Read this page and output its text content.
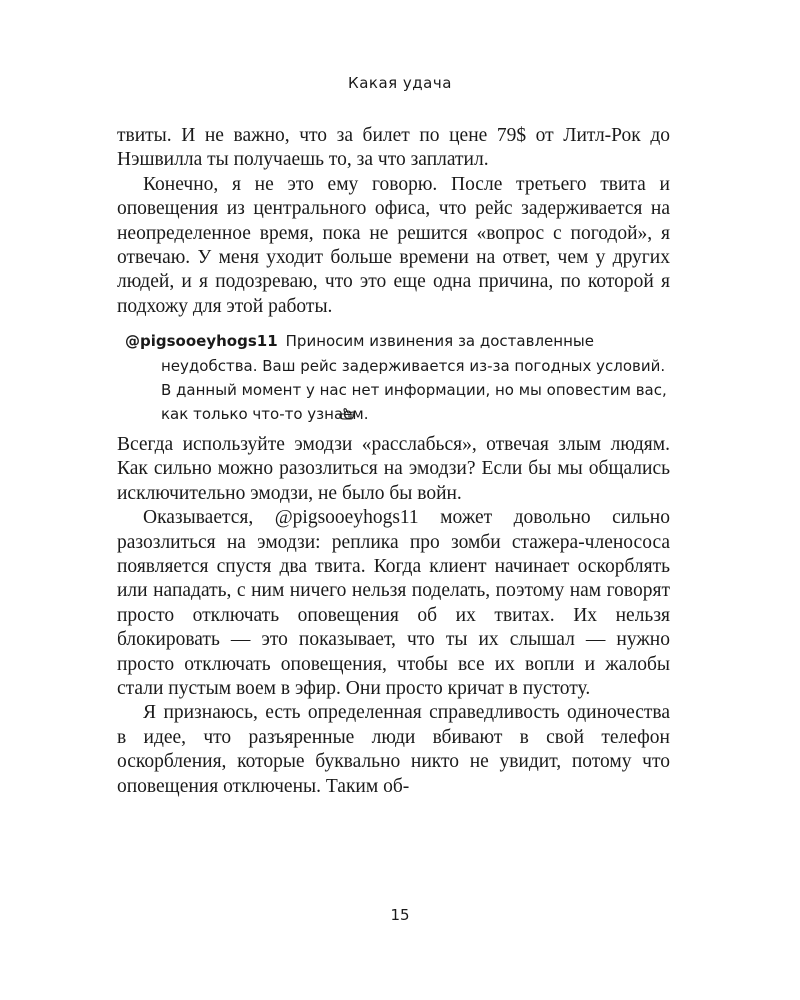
Какая удача

твиты. И не важно, что за билет по цене 79$ от Литл-Рок до Нэшвилла ты получаешь то, за что заплатил.

Конечно, я не это ему говорю. После третьего твита и оповещения из центрального офиса, что рейс задерживается на неопределенное время, пока не решится «вопрос с погодой», я отвечаю. У меня уходит больше времени на ответ, чем у других людей, и я подозреваю, что это еще одна причина, по которой я подхожу для этой работы.

@pigsooeyhogs11 Приносим извинения за доставленные неудобства. Ваш рейс задерживается из-за погодных условий. В данный момент у нас нет информации, но мы оповестим вас, как только что-то узнаем.

Всегда используйте эмодзи «расслабься», отвечая злым людям. Как сильно можно разозлиться на эмодзи? Если бы мы общались исключительно эмодзи, не было бы войн.

Оказывается, @pigsooeyhogs11 может довольно сильно разозлиться на эмодзи: реплика про зомби стажера-членососа появляется спустя два твита. Когда клиент начинает оскорблять или нападать, с ним ничего нельзя поделать, поэтому нам говорят просто отключать оповещения об их твитах. Их нельзя блокировать — это показывает, что ты их слышал — нужно просто отключать оповещения, чтобы все их вопли и жалобы стали пустым воем в эфир. Они просто кричат в пустоту.

Я признаюсь, есть определенная справедливость одиночества в идее, что разъяренные люди вбивают в свой телефон оскорбления, которые буквально никто не увидит, потому что оповещения отключены. Таким об-

15
